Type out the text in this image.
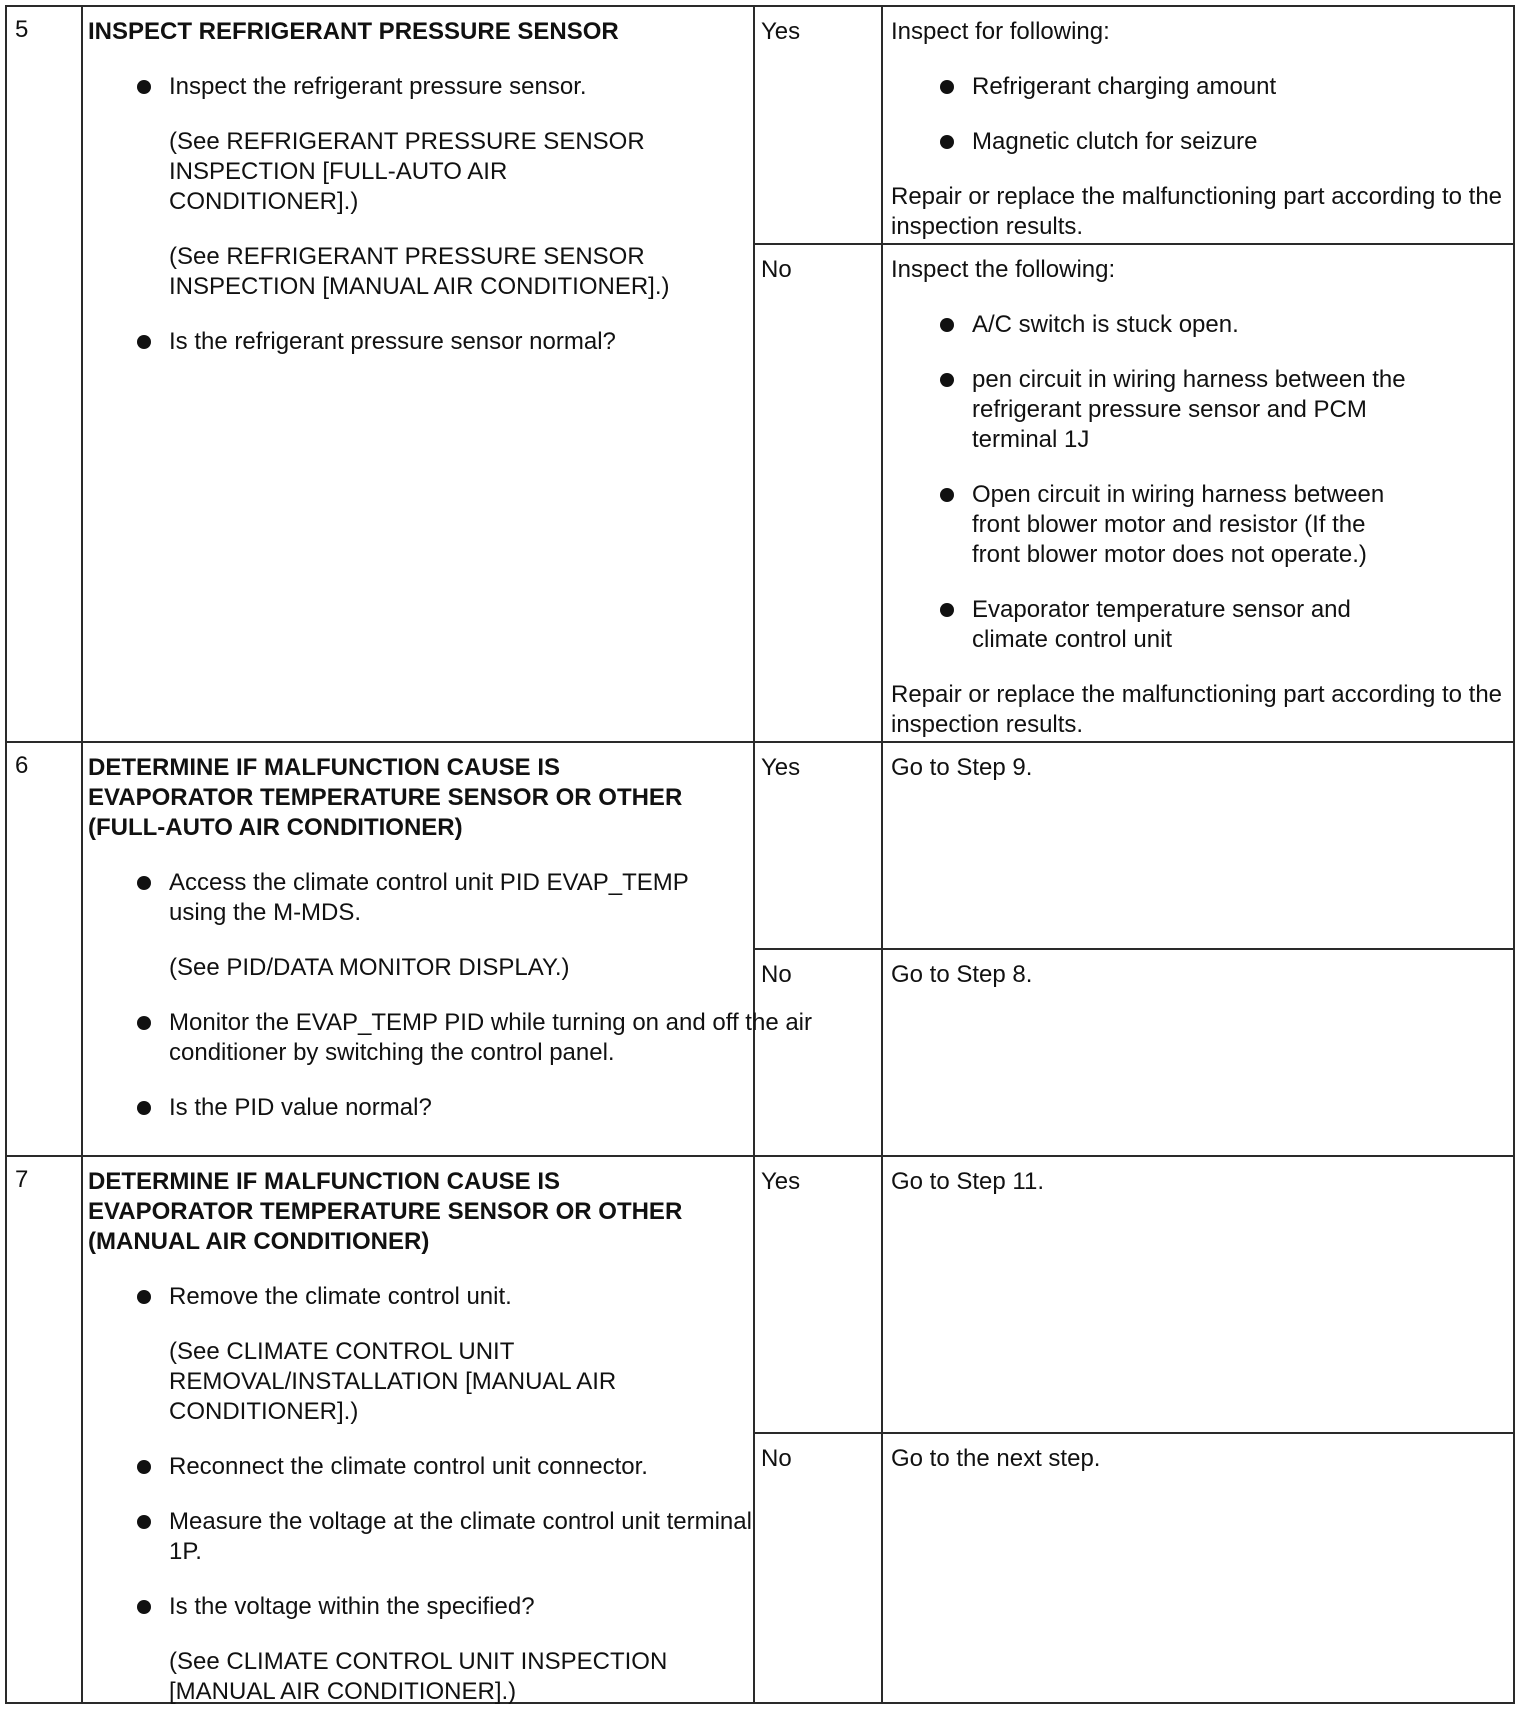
5	INSPECT REFRIGERANT PRESSURE SENSOR

Inspect the refrigerant pressure sensor.
(See REFRIGERANT PRESSURE SENSOR INSPECTION [FULL-AUTO AIR CONDITIONER].)
(See REFRIGERANT PRESSURE SENSOR INSPECTION [MANUAL AIR CONDITIONER].)
Is the refrigerant pressure sensor normal?
Yes	Inspect for following:

Refrigerant charging amount
Magnetic clutch for seizure

Repair or replace the malfunctioning part according to the inspection results.

No	Inspect the following:

A/C switch is stuck open.
pen circuit in wiring harness between the refrigerant pressure sensor and PCM terminal 1J
Open circuit in wiring harness between front blower motor and resistor (If the front blower motor does not operate.)
Evaporator temperature sensor and climate control unit

Repair or replace the malfunctioning part according to the inspection results.

6	DETERMINE IF MALFUNCTION CAUSE IS EVAPORATOR TEMPERATURE SENSOR OR OTHER (FULL-AUTO AIR CONDITIONER)

Access the climate control unit PID EVAP_TEMP using the M-MDS.
(See PID/DATA MONITOR DISPLAY.)
Monitor the EVAP_TEMP PID while turning on and off the air conditioner by switching the control panel.
Is the PID value normal?
Yes	Go to Step 9.

No	Go to Step 8.

7	DETERMINE IF MALFUNCTION CAUSE IS EVAPORATOR TEMPERATURE SENSOR OR OTHER (MANUAL AIR CONDITIONER)

Remove the climate control unit.
(See CLIMATE CONTROL UNIT REMOVAL/INSTALLATION [MANUAL AIR CONDITIONER].)
Reconnect the climate control unit connector.
Measure the voltage at the climate control unit terminal 1P.
Is the voltage within the specified?
(See CLIMATE CONTROL UNIT INSPECTION [MANUAL AIR CONDITIONER].)
Yes	Go to Step 11.

No	Go to the next step.
